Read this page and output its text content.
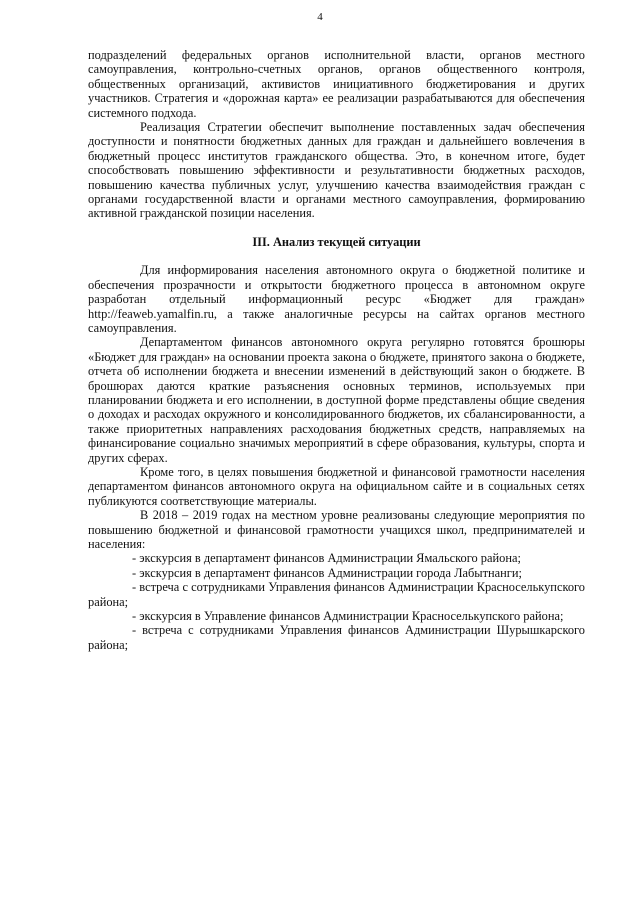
4

подразделений федеральных органов исполнительной власти, органов местного самоуправления, контрольно-счетных органов, органов общественного контроля, общественных организаций, активистов инициативного бюджетирования и других участников. Стратегия и «дорожная карта» ее реализации разрабатываются для обеспечения системного подхода.

Реализация Стратегии обеспечит выполнение поставленных задач обеспечения доступности и понятности бюджетных данных для граждан и дальнейшего вовлечения в бюджетный процесс институтов гражданского общества. Это, в конечном итоге, будет способствовать повышению эффективности и результативности бюджетных расходов, повышению качества публичных услуг, улучшению качества взаимодействия граждан с органами государственной власти и органами местного самоуправления, формированию активной гражданской позиции населения.

III. Анализ текущей ситуации

Для информирования населения автономного округа о бюджетной политике и обеспечения прозрачности и открытости бюджетного процесса в автономном округе разработан отдельный информационный ресурс «Бюджет для граждан» http://feaweb.yamalfin.ru, а также аналогичные ресурсы на сайтах органов местного самоуправления.

Департаментом финансов автономного округа регулярно готовятся брошюры «Бюджет для граждан» на основании проекта закона о бюджете, принятого закона о бюджете, отчета об исполнении бюджета и внесении изменений в действующий закон о бюджете. В брошюрах даются краткие разъяснения основных терминов, используемых при планировании бюджета и его исполнении, в доступной форме представлены общие сведения о доходах и расходах окружного и консолидированного бюджетов, их сбалансированности, а также приоритетных направлениях расходования бюджетных средств, направляемых на финансирование социально значимых мероприятий в сфере образования, культуры, спорта и других сферах.

Кроме того, в целях повышения бюджетной и финансовой грамотности населения департаментом финансов автономного округа на официальном сайте и в социальных сетях публикуются соответствующие материалы.

В 2018 – 2019 годах на местном уровне реализованы следующие мероприятия по повышению бюджетной и финансовой грамотности учащихся школ, предпринимателей и населения:

- экскурсия в департамент финансов Администрации Ямальского района;

- экскурсия в департамент финансов Администрации города Лабытнанги;

- встреча с сотрудниками Управления финансов Администрации Красноселькупского района;

- экскурсия в Управление финансов Администрации Красноселькупского района;

- встреча с сотрудниками Управления финансов Администрации Шурышкарского района;
